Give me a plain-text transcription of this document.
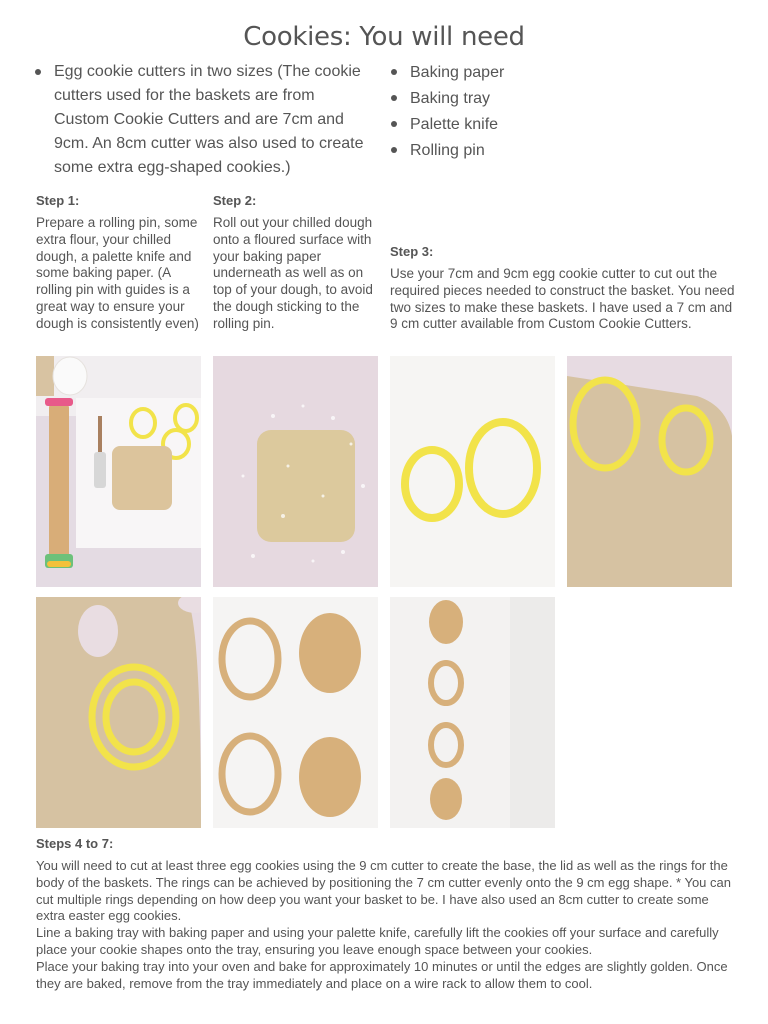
Cookies: You will need
Egg cookie cutters in two sizes (The cookie cutters used for the baskets are from Custom Cookie Cutters and are 7cm and 9cm. An 8cm cutter was also used to create some extra egg-shaped cookies.)
Baking paper
Baking tray
Palette knife
Rolling pin
Step 1:

Prepare a rolling pin, some extra flour, your chilled dough, a palette knife and some baking paper. (A rolling pin with guides is a great way to ensure your dough is consistently even)

Step 2:

Roll out your chilled dough onto a floured surface with your baking paper underneath as well as on top of your dough, to avoid the dough sticking to the rolling pin.

Step 3:

Use your 7cm and 9cm egg cookie cutter to cut out the required pieces needed to construct the basket. You need two sizes to make these baskets. I have used a 7 cm and 9 cm cutter available from Custom Cookie Cutters.

Steps 4 to 7:

You will need to cut at least three egg cookies using the 9 cm cutter to create the base, the lid as well as the rings for the body of the baskets. The rings can be achieved by positioning the 7 cm cutter evenly onto the 9 cm egg shape. * You can cut multiple rings depending on how deep you want your basket to be. I have also used an 8cm cutter to create some extra easter egg cookies.

Line a baking tray with baking paper and using your palette knife, carefully lift the cookies off your surface and carefully place your cookie shapes onto the tray, ensuring you leave enough space between your cookies.

Place your baking tray into your oven and bake for approximately 10 minutes or until the edges are slightly golden. Once they are baked, remove from the tray immediately and place on a wire rack to allow them to cool.
